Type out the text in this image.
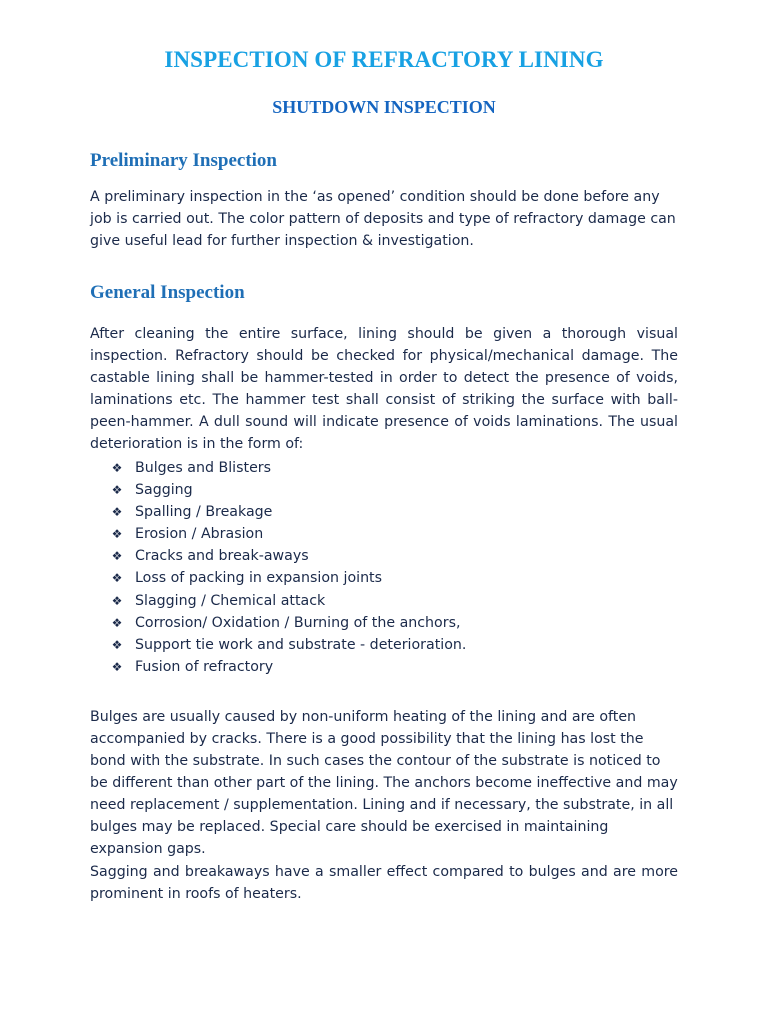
INSPECTION OF REFRACTORY LINING
SHUTDOWN INSPECTION
Preliminary Inspection

A preliminary inspection in the ‘as opened’ condition should be done before any job is carried out. The color pattern of deposits and type of refractory damage can give useful lead for further inspection & investigation.

General Inspection

After cleaning the entire surface, lining should be given a thorough visual inspection. Refractory should be checked for physical/mechanical damage. The castable lining shall be hammer-tested in order to detect the presence of voids, laminations etc. The hammer test shall consist of striking the surface with ball-peen-hammer. A dull sound will indicate presence of voids laminations. The usual deterioration is in the form of:

❖ Bulges and Blisters
❖ Sagging
❖ Spalling / Breakage
❖ Erosion / Abrasion
❖ Cracks and break-aways
❖ Loss of packing in expansion joints
❖ Slagging / Chemical attack
❖ Corrosion/ Oxidation / Burning of the anchors,
❖ Support tie work and substrate - deterioration.
❖ Fusion of refractory

Bulges are usually caused by non-uniform heating of the lining and are often accompanied by cracks. There is a good possibility that the lining has lost the bond with the substrate. In such cases the contour of the substrate is noticed to be different than other part of the lining. The anchors become ineffective and may need replacement / supplementation. Lining and if necessary, the substrate, in all bulges may be replaced. Special care should be exercised in maintaining expansion gaps.

Sagging and breakaways have a smaller effect compared to bulges and are more prominent in roofs of heaters.
